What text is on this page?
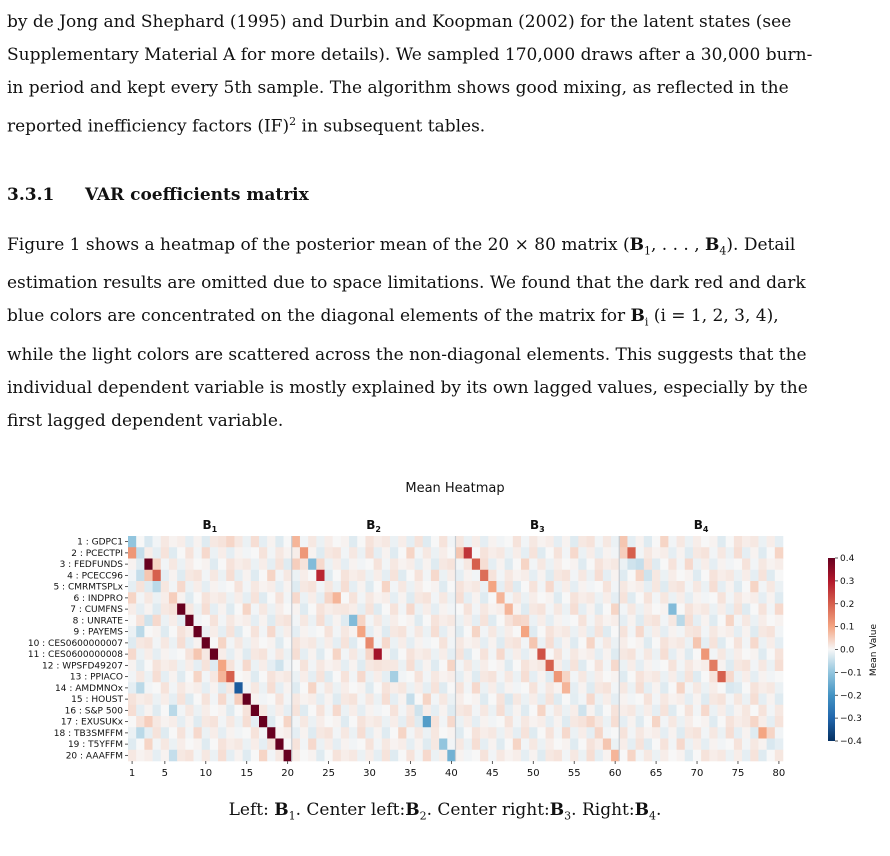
by de Jong and Shephard (1995) and Durbin and Koopman (2002) for the latent states (see
Supplementary Material A for more details). We sampled 170,000 draws after a 30,000 burn-
in period and kept every 5th sample. The algorithm shows good mixing, as reflected in the
reported inefficiency factors (IF)$^2$ in subsequent tables.
3.3.1 VAR coefficients matrix
Figure 1 shows a heatmap of the posterior mean of the 20 × 80 matrix ($B_1$, . . . , $B_4$). Detail
estimation results are omitted due to space limitations. We found that the dark red and dark
blue colors are concentrated on the diagonal elements of the matrix for $B_i$ (i = 1, 2, 3, 4),
while the light colors are scattered across the non-diagonal elements. This suggests that the
individual dependent variable is mostly explained by its own lagged values, especially by the
first lagged dependent variable.
Mean Heatmap
$B_1$	$B_2$	$B_3$	$B_4$
1 : GDPC1
2 : PCECTPI
3 : FEDFUNDS
4 : PCECC96
5 : CMRMTSPLx
6 : INDPRO
7 : CUMFNS
8 : UNRATE
9 : PAYEMS
10 : CES0600000007
11 : CES0600000008
12 : WPSFD49207
13 : PPIACO
14 : AMDMNOx
15 : HOUST
16 : S&P 500
17 : EXUSUKx
18 : TB3SMFFM
19 : T5YFFM
20 : AAAFFM
1	5	10	15	20	25	30	35	40	45	50	55	60	65	70	75	80
0.4
0.3
0.2
0.1
0.0
−0.1
−0.2
−0.3
−0.4
Mean Value
Left: $B_1$. Center $left:B_2$. Center $right:B_3$. $Right:B_4$.
